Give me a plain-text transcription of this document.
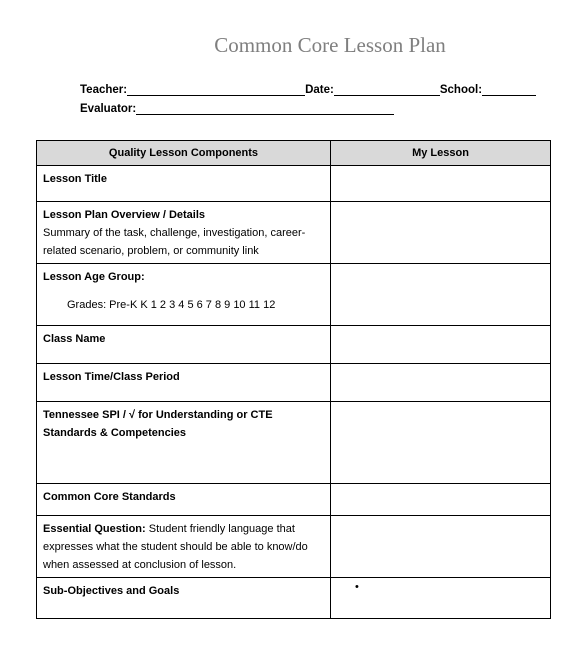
Common Core Lesson Plan
Teacher:	Date:	School:
Evaluator:
Quality Lesson Components	My Lesson

Lesson Title	

Lesson Plan Overview / Details
Summary of the task, challenge, investigation, career-related scenario, problem, or community link	

Lesson Age Group:
Grades: Pre-K K 1 2 3 4 5 6 7 8 9 10 11 12	

Class Name	

Lesson Time/Class Period	

Tennessee SPI / √ for Understanding or CTE Standards & Competencies	

Common Core Standards	

Essential Question: Student friendly language that expresses what the student should be able to know/do when assessed at conclusion of lesson.	

Sub-Objectives and Goals	•
